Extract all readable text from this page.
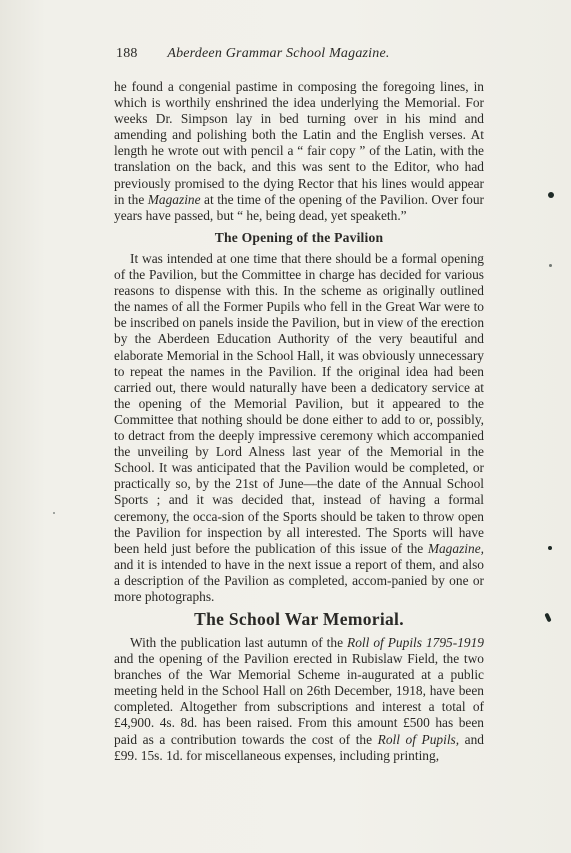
188 Aberdeen Grammar School Magazine.

he found a congenial pastime in composing the foregoing lines, in which is worthily enshrined the idea underlying the Memorial. For weeks Dr. Simpson lay in bed turning over in his mind and amending and polishing both the Latin and the English verses. At length he wrote out with pencil a “ fair copy ” of the Latin, with the translation on the back, and this was sent to the Editor, who had previously promised to the dying Rector that his lines would appear in the Magazine at the time of the opening of the Pavilion. Over four years have passed, but “ he, being dead, yet speaketh.”

The Opening of the Pavilion

It was intended at one time that there should be a formal opening of the Pavilion, but the Committee in charge has decided for various reasons to dispense with this. In the scheme as originally outlined the names of all the Former Pupils who fell in the Great War were to be inscribed on panels inside the Pavilion, but in view of the erection by the Aberdeen Education Authority of the very beautiful and elaborate Memorial in the School Hall, it was obviously unnecessary to repeat the names in the Pavilion. If the original idea had been carried out, there would naturally have been a dedicatory service at the opening of the Memorial Pavilion, but it appeared to the Committee that nothing should be done either to add to or, possibly, to detract from the deeply impressive ceremony which accompanied the unveiling by Lord Alness last year of the Memorial in the School. It was anticipated that the Pavilion would be completed, or practically so, by the 21st of June—the date of the Annual School Sports ; and it was decided that, instead of having a formal ceremony, the occa-sion of the Sports should be taken to throw open the Pavilion for inspection by all interested. The Sports will have been held just before the publication of this issue of the Magazine, and it is intended to have in the next issue a report of them, and also a description of the Pavilion as completed, accom-panied by one or more photographs.

The School War Memorial.

With the publication last autumn of the Roll of Pupils 1795-1919 and the opening of the Pavilion erected in Rubislaw Field, the two branches of the War Memorial Scheme in-augurated at a public meeting held in the School Hall on 26th December, 1918, have been completed. Altogether from subscriptions and interest a total of £4,900. 4s. 8d. has been raised. From this amount £500 has been paid as a contribution towards the cost of the Roll of Pupils, and £99. 15s. 1d. for miscellaneous expenses, including printing,
